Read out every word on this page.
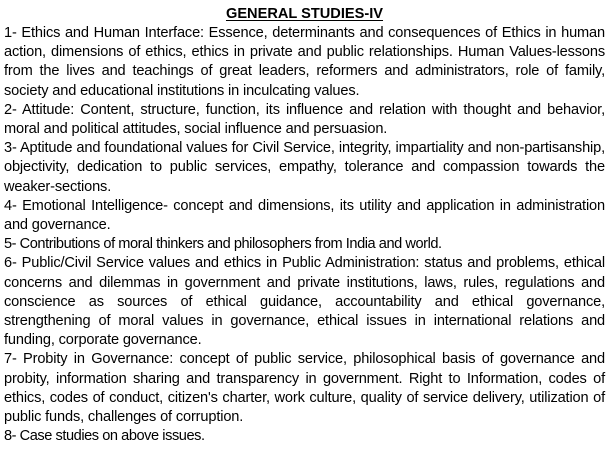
GENERAL STUDIES-IV

1- Ethics and Human Interface: Essence, determinants and consequences of Ethics in human action, dimensions of ethics, ethics in private and public relationships. Human Values-lessons from the lives and teachings of great leaders, reformers and administrators, role of family, society and educational institutions in inculcating values.

2- Attitude: Content, structure, function, its influence and relation with thought and behavior, moral and political attitudes, social influence and persuasion.

3- Aptitude and foundational values for Civil Service, integrity, impartiality and non-partisanship, objectivity, dedication to public services, empathy, tolerance and compassion towards the weaker-sections.

4- Emotional Intelligence- concept and dimensions, its utility and application in administration and governance.

5- Contributions of moral thinkers and philosophers from India and world.

6- Public/Civil Service values and ethics in Public Administration: status and problems, ethical concerns and dilemmas in government and private institutions, laws, rules, regulations and conscience as sources of ethical guidance, accountability and ethical governance, strengthening of moral values in governance, ethical issues in international relations and funding, corporate governance.

7- Probity in Governance: concept of public service, philosophical basis of governance and probity, information sharing and transparency in government. Right to Information, codes of ethics, codes of conduct, citizen's charter, work culture, quality of service delivery, utilization of public funds, challenges of corruption.

8- Case studies on above issues.
